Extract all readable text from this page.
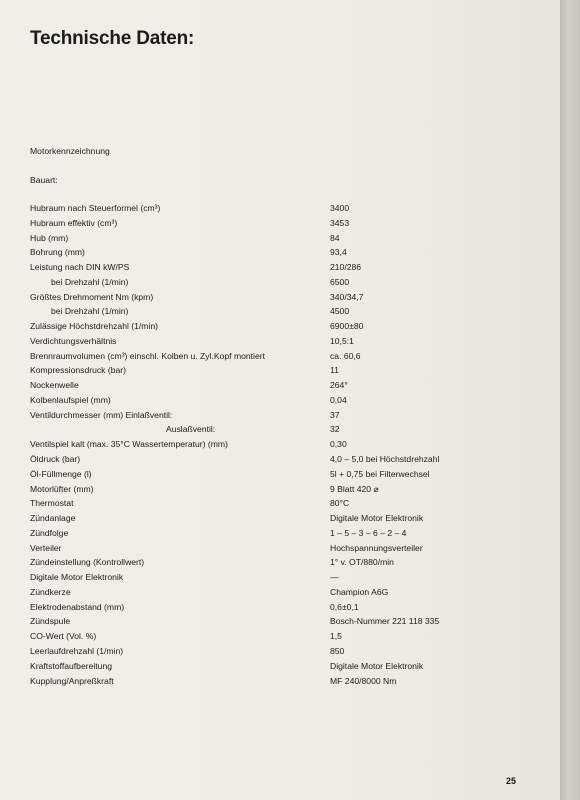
Technische Daten:
Motorkennzeichnung
Bauart:
Hubraum nach Steuerformel (cm³)	3400
Hubraum effektiv (cm³)	3453
Hub (mm)	84
Bohrung (mm)	93,4
Leistung nach DIN kW/PS	210/286
bei Drehzahl (1/min)	6500
Größtes Drehmoment Nm (kpm)	340/34,7
bei Drehzahl (1/min)	4500
Zulässige Höchstdrehzahl (1/min)	6900±80
Verdichtungsverhältnis	10,5:1
Brennraumvolumen (cm³) einschl. Kolben u. Zyl.Kopf montiert	ca. 60,6
Kompressionsdruck (bar)	11
Nockenwelle	264°
Kolbenlaufspiel (mm)	0,04
Ventildurchmesser (mm) Einlaßventil:	37
Auslaßventil:	32
Ventilspiel kalt (max. 35°C Wassertemperatur) (mm)	0,30
Öldruck (bar)	4,0 – 5,0 bei Höchstdrehzahl
Öl-Füllmenge (l)	5l + 0,75 bei Filterwechsel
Motorlüfter (mm)	9 Blatt 420 ⌀
Thermostat	80°C
Zündanlage	Digitale Motor Elektronik
Zündfolge	1 – 5 – 3 – 6 – 2 – 4
Verteiler	Hochspannungsverteiler
Zündeinstellung (Kontrollwert)	1° v. OT/880/min
Digitale Motor Elektronik	—
Zündkerze	Champion A6G
Elektrodenabstand (mm)	0,6±0,1
Zündspule	Bosch-Nummer 221 118 335
CO-Wert (Vol. %)	1,5
Leerlaufdrehzahl (1/min)	850
Kraftstoffaufbereitung	Digitale Motor Elektronik
Kupplung/Anpreßkraft	MF 240/8000 Nm
25
